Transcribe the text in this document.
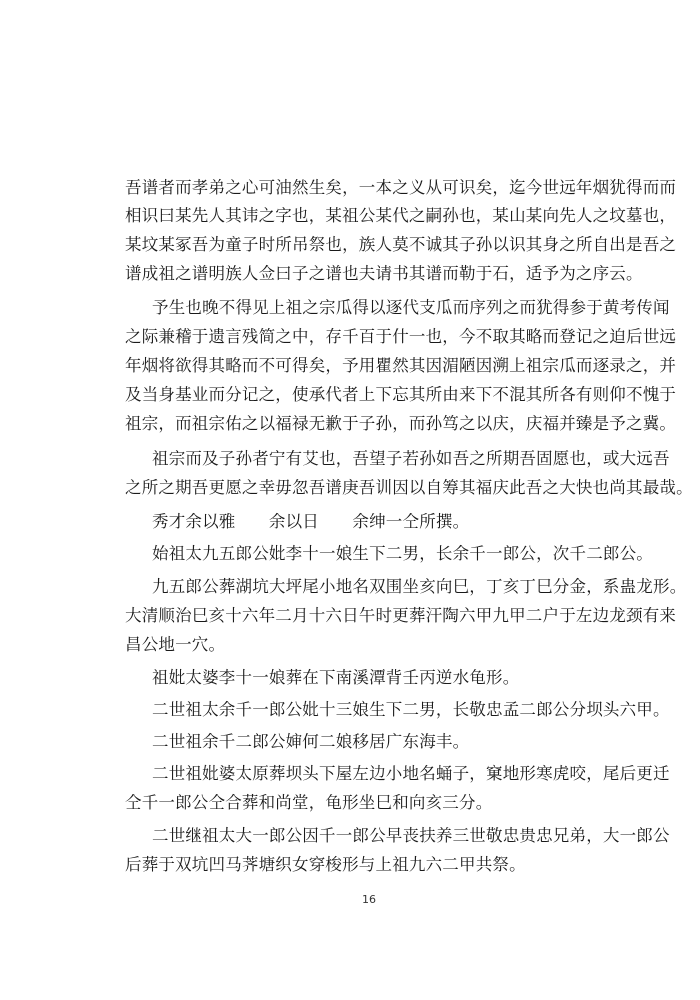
吾谱者而孝弟之心可油然生矣，一本之义从可识矣，迄今世远年烟犹得而而
相识曰某先人其讳之字也，某祖公某代之嗣孙也，某山某向先人之坟墓也，
某坟某冢吾为童子时所吊祭也，族人莫不诚其子孙以识其身之所自出是吾之
谱成祖之谱明族人佥曰子之谱也夫请书其谱而勒于石，适予为之序云。
予生也晚不得见上祖之宗瓜得以逐代支瓜而序列之而犹得参于黄考传闻
之际兼稽于遗言残简之中，存千百于什一也，今不取其略而登记之迫后世远
年烟将欲得其略而不可得矣，予用瞿然其因湄陋因溯上祖宗瓜而逐录之，并
及当身基业而分记之，使承代者上下忘其所由来下不混其所各有则仰不愧于
祖宗，而祖宗佑之以福禄无歉于子孙，而孙笃之以庆，庆福并臻是予之冀。
祖宗而及子孙者宁有艾也，吾望子若孙如吾之所期吾固愿也，或大远吾
之所之期吾更愿之幸毋忽吾谱庚吾训因以自筹其福庆此吾之大快也尚其最哉。
秀才余以雅　　余以日　　余绅一仝所撰。
始祖太九五郎公妣李十一娘生下二男，长余千一郎公，次千二郎公。
九五郎公葬湖坑大坪尾小地名双围坐亥向巳，丁亥丁巳分金，系蛊龙形。
大清顺治巳亥十六年二月十六日午时更葬汗陶六甲九甲二户于左边龙颈有来
昌公地一穴。
祖妣太婆李十一娘葬在下南溪潭背壬丙逆水龟形。
二世祖太余千一郎公妣十三娘生下二男，长敬忠孟二郎公分坝头六甲。
二世祖余千二郎公婶何二娘移居广东海丰。
二世祖妣婆太原葬坝头下屋左边小地名蛹子，窠地形寒虎咬，尾后更迁
仝千一郎公仝合葬和尚堂，龟形坐巳和向亥三分。
二世继祖太大一郎公因千一郎公早丧扶养三世敬忠贵忠兄弟，大一郎公
后葬于双坑凹马荠塘织女穿梭形与上祖九六二甲共祭。
16
